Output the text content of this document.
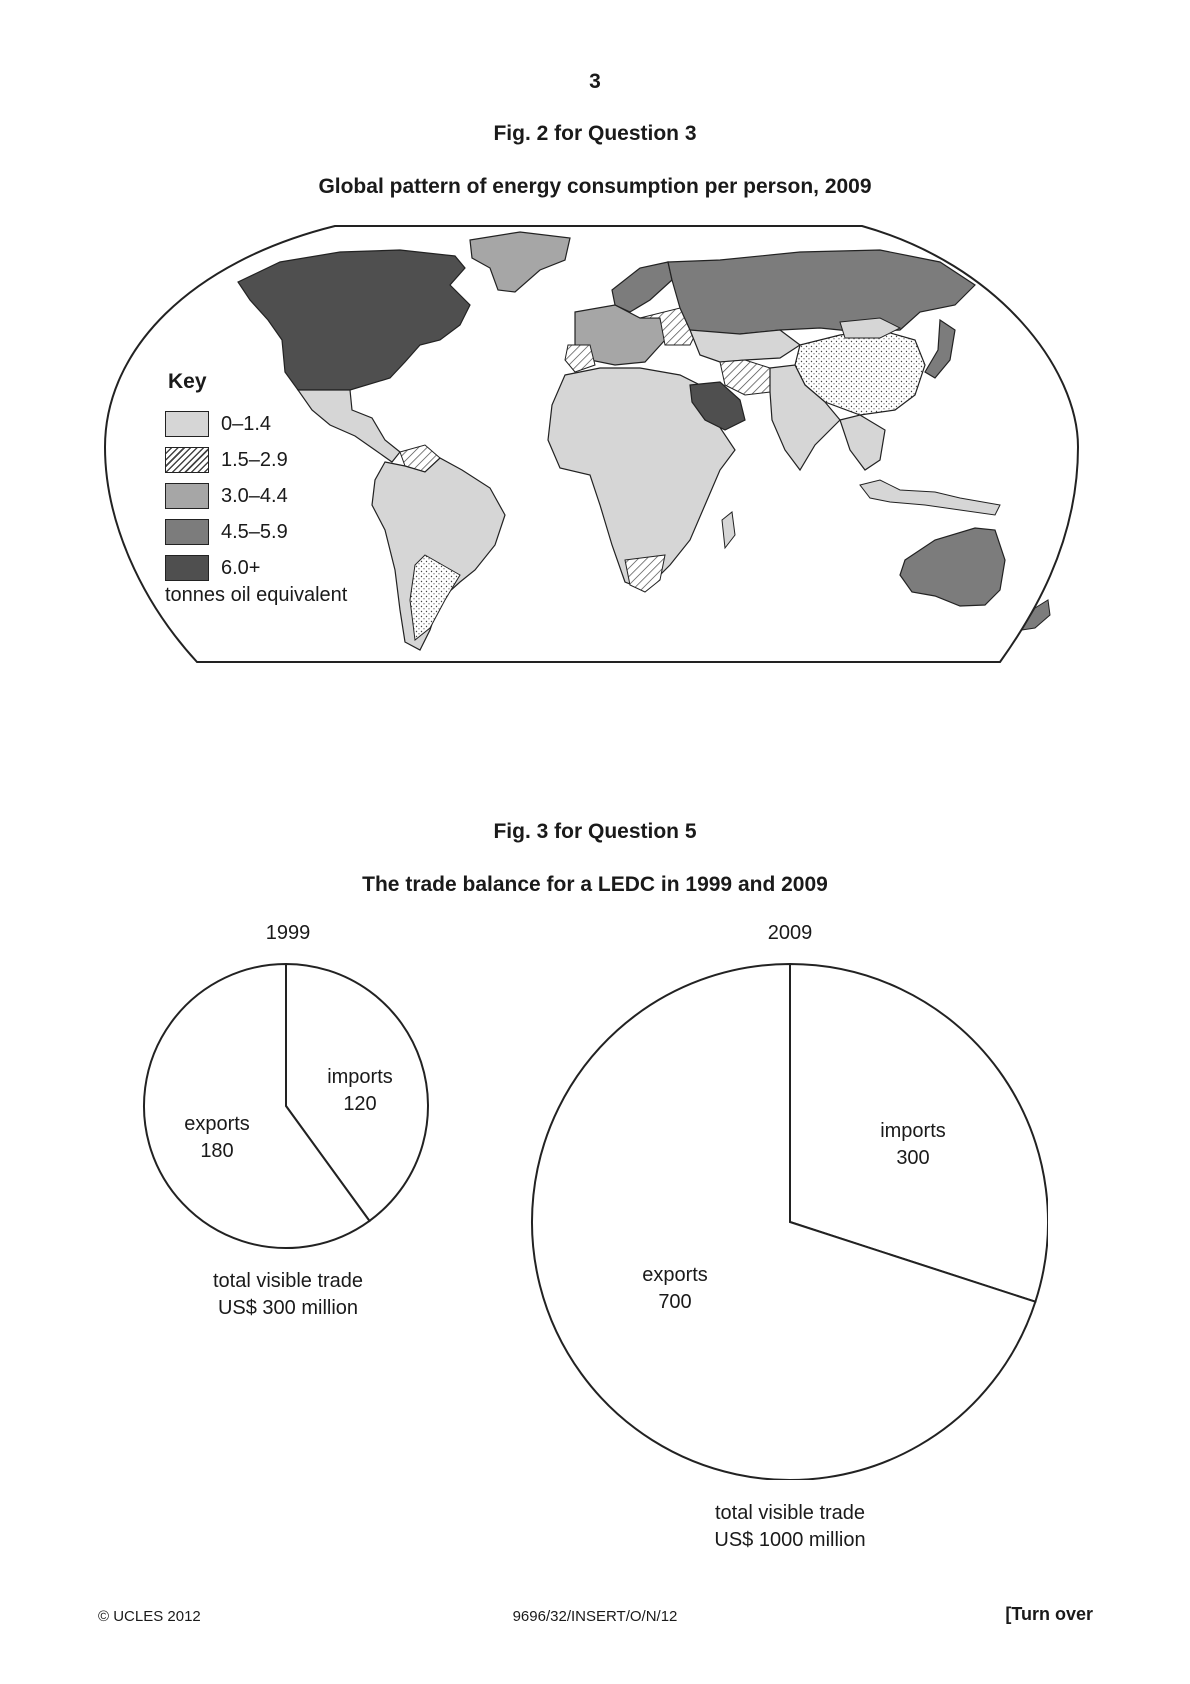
3
Fig. 2 for Question 3
Global pattern of energy consumption per person, 2009
Key
0–1.4
1.5–2.9
3.0–4.4
4.5–5.9
6.0+
tonnes oil equivalent
Fig. 3 for Question 5
The trade balance for a LEDC in 1999 and 2009
1999
imports
120
exports
180
total visible trade
US$ 300 million
2009
imports
300
exports
700
total visible trade
US$ 1000 million
© UCLES 2012	9696/32/INSERT/O/N/12	[Turn over
